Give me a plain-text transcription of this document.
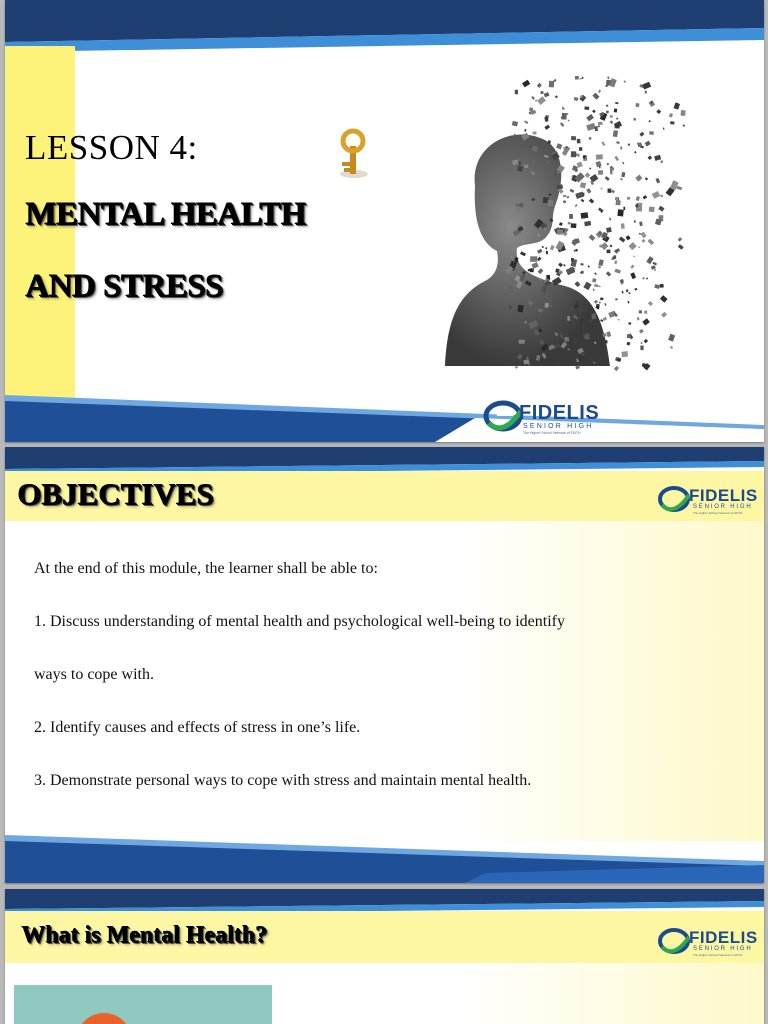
LESSON 4:
MENTAL HEALTH
AND STRESS
FIDELIS
SENIOR HIGH
The Higher School Network of FAITH
OBJECTIVES	FIDELIS
SENIOR HIGH
The Higher School Network of FAITH
At the end of this module, the learner shall be able to:
1. Discuss understanding of mental health and psychological well-being to identify
ways to cope with.
2. Identify causes and effects of stress in one’s life.
3. Demonstrate personal ways to cope with stress and maintain mental health.
What is Mental Health?	FIDELIS
SENIOR HIGH
The Higher School Network of FAITH
